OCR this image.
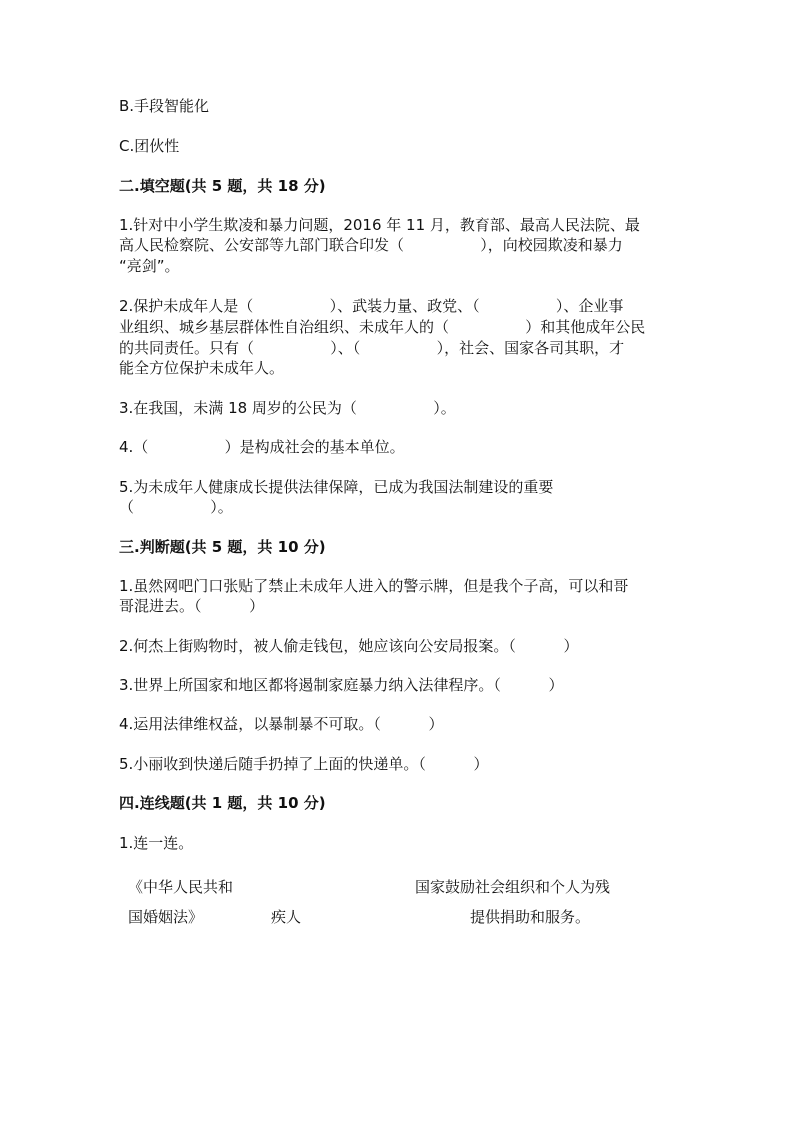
B.手段智能化
C.团伙性
二.填空题(共 5 题，共 18 分)
1.针对中小学生欺凌和暴力问题，2016 年 11 月，教育部、最高人民法院、最
高人民检察院、公安部等九部门联合印发（                ），向校园欺凌和暴力
“亮剑”。
2.保护未成年人是（                ）、武装力量、政党、（                ）、企业事
业组织、城乡基层群体性自治组织、未成年人的（                ）和其他成年公民
的共同责任。只有（                ）、（                ），社会、国家各司其职，才
能全方位保护未成年人。
3.在我国，未满 18 周岁的公民为（                ）。
4.（                ）是构成社会的基本单位。
5.为未成年人健康成长提供法律保障，已成为我国法制建设的重要
（                ）。
三.判断题(共 5 题，共 10 分)
1.虽然网吧门口张贴了禁止未成年人进入的警示牌，但是我个子高，可以和哥
哥混进去。（          ）
2.何杰上街购物时，被人偷走钱包，她应该向公安局报案。（          ）
3.世界上所国家和地区都将遏制家庭暴力纳入法律程序。（          ）
4.运用法律维权益，以暴制暴不可取。（          ）
5.小丽收到快递后随手扔掉了上面的快递单。（          ）
四.连线题(共 1 题，共 10 分)
1.连一连。
《中华人民共和
国婚姻法》	疾人
国家鼓励社会组织和个人为残
提供捐助和服务。
